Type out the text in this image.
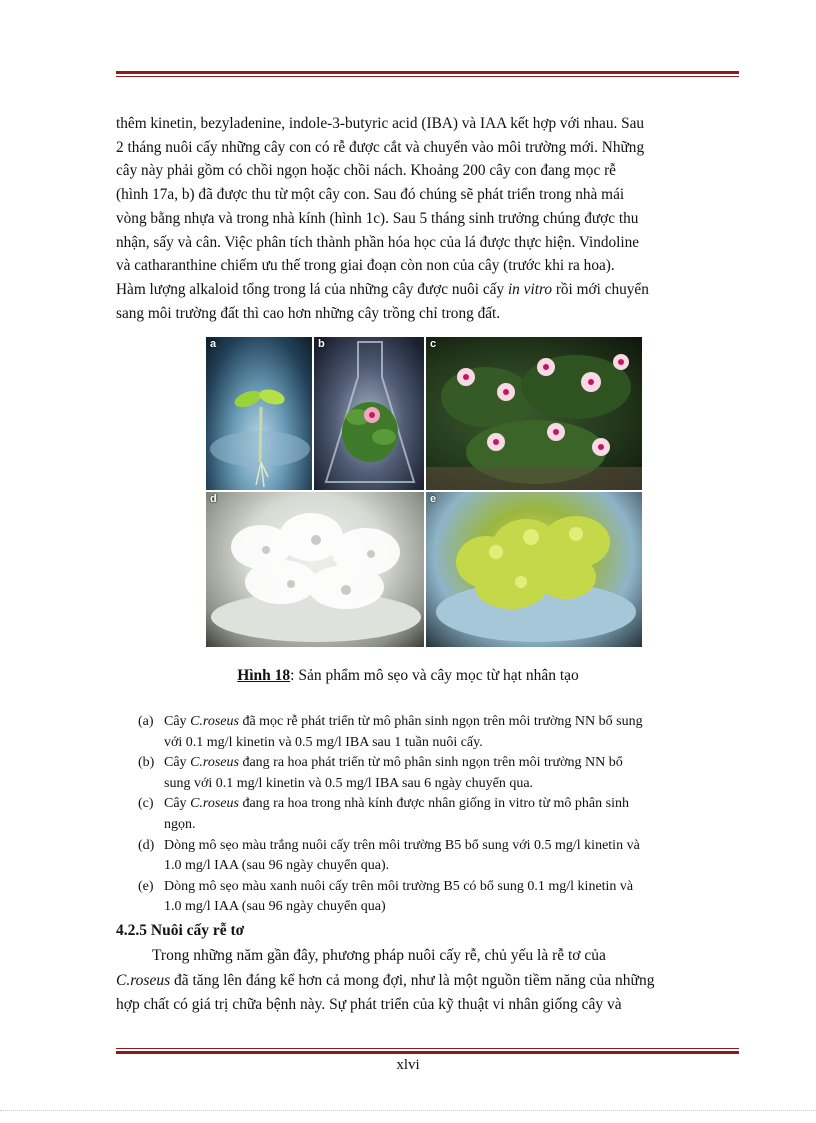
thêm kinetin, bezyladenine, indole-3-butyric acid (IBA) và IAA kết hợp với nhau. Sau

2 tháng nuôi cấy những cây con có rễ được cắt và chuyển vào môi trường mới. Những

cây này phải gồm có chồi ngọn hoặc chồi nách. Khoảng 200 cây con đang mọc rễ

(hình 17a, b) đã được thu từ một cây con. Sau đó chúng sẽ phát triển trong nhà mái

vòng bằng nhựa và trong nhà kính (hình 1c). Sau 5 tháng sinh trưởng chúng được thu

nhận, sấy và cân. Việc phân tích thành phần hóa học của lá được thực hiện. Vindoline

và catharanthine chiếm ưu thế trong giai đoạn còn non của cây (trước khi ra hoa).

Hàm lượng alkaloid tổng trong lá của những cây được nuôi cấy in vitro rồi mới chuyển

sang môi trường đất thì cao hơn những cây trồng chỉ trong đất.

a	b	c
d	e
Hình 18: Sản phẩm mô sẹo và cây mọc từ hạt nhân tạo
(a) Cây C.roseus đã mọc rễ phát triển từ mô phân sinh ngọn trên môi trường NN bổ sung
với 0.1 mg/l kinetin và 0.5 mg/l IBA sau 1 tuần nuôi cấy.
(b) Cây C.roseus đang ra hoa phát triển từ mô phân sinh ngọn trên môi trường NN bổ
sung với 0.1 mg/l kinetin và 0.5 mg/l IBA sau 6 ngày chuyển qua.
(c) Cây C.roseus đang ra hoa trong nhà kính được nhân giống in vitro từ mô phân sinh
ngọn.
(d) Dòng mô sẹo màu trắng nuôi cấy trên môi trường B5 bổ sung với 0.5 mg/l kinetin và
1.0 mg/l IAA (sau 96 ngày chuyển qua).
(e) Dòng mô sẹo màu xanh nuôi cấy trên môi trường B5 có bổ sung 0.1 mg/l kinetin và
1.0 mg/l IAA (sau 96 ngày chuyển qua)
4.2.5 Nuôi cấy rễ tơ

Trong những năm gần đây, phương pháp nuôi cấy rễ, chủ yếu là rễ tơ của

C.roseus đã tăng lên đáng kể hơn cả mong đợi, như là một nguồn tiềm năng của những

hợp chất có giá trị chữa bệnh này. Sự phát triển của kỹ thuật vi nhân giống cây và

xlvi
